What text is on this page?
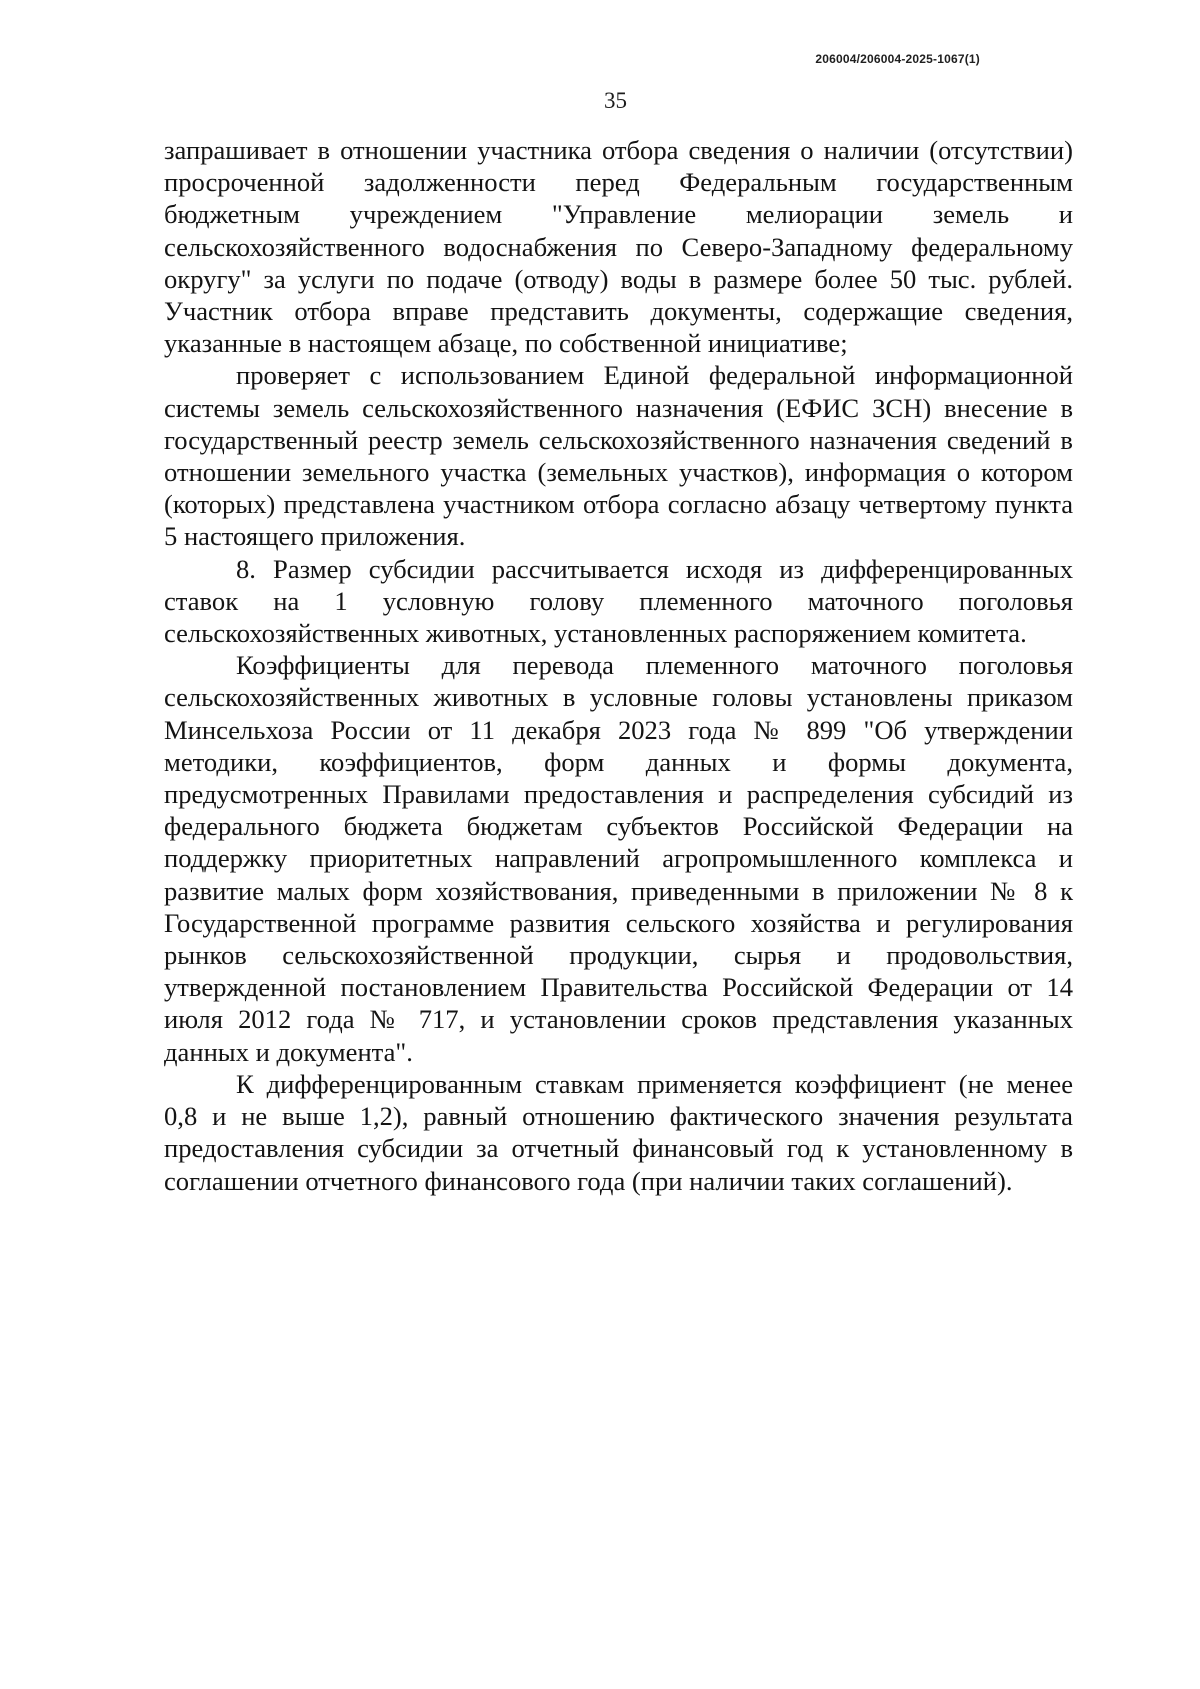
206004/206004-2025-1067(1)
35

запрашивает в отношении участника отбора сведения о наличии (отсутствии) просроченной задолженности перед Федеральным государственным бюджетным учреждением "Управление мелиорации земель и сельскохозяйственного водоснабжения по Северо-Западному федеральному округу" за услуги по подаче (отводу) воды в размере более 50 тыс. рублей. Участник отбора вправе представить документы, содержащие сведения, указанные в настоящем абзаце, по собственной инициативе;

проверяет с использованием Единой федеральной информационной системы земель сельскохозяйственного назначения (ЕФИС ЗСН) внесение в государственный реестр земель сельскохозяйственного назначения сведений в отношении земельного участка (земельных участков), информация о котором (которых) представлена участником отбора согласно абзацу четвертому пункта 5 настоящего приложения.

8. Размер субсидии рассчитывается исходя из дифференцированных ставок на 1 условную голову племенного маточного поголовья сельскохозяйственных животных, установленных распоряжением комитета.

Коэффициенты для перевода племенного маточного поголовья сельскохозяйственных животных в условные головы установлены приказом Минсельхоза России от 11 декабря 2023 года № 899 "Об утверждении методики, коэффициентов, форм данных и формы документа, предусмотренных Правилами предоставления и распределения субсидий из федерального бюджета бюджетам субъектов Российской Федерации на поддержку приоритетных направлений агропромышленного комплекса и развитие малых форм хозяйствования, приведенными в приложении № 8 к Государственной программе развития сельского хозяйства и регулирования рынков сельскохозяйственной продукции, сырья и продовольствия, утвержденной постановлением Правительства Российской Федерации от 14 июля 2012 года № 717, и установлении сроков представления указанных данных и документа".

К дифференцированным ставкам применяется коэффициент (не менее 0,8 и не выше 1,2), равный отношению фактического значения результата предоставления субсидии за отчетный финансовый год к установленному в соглашении отчетного финансового года (при наличии таких соглашений).
